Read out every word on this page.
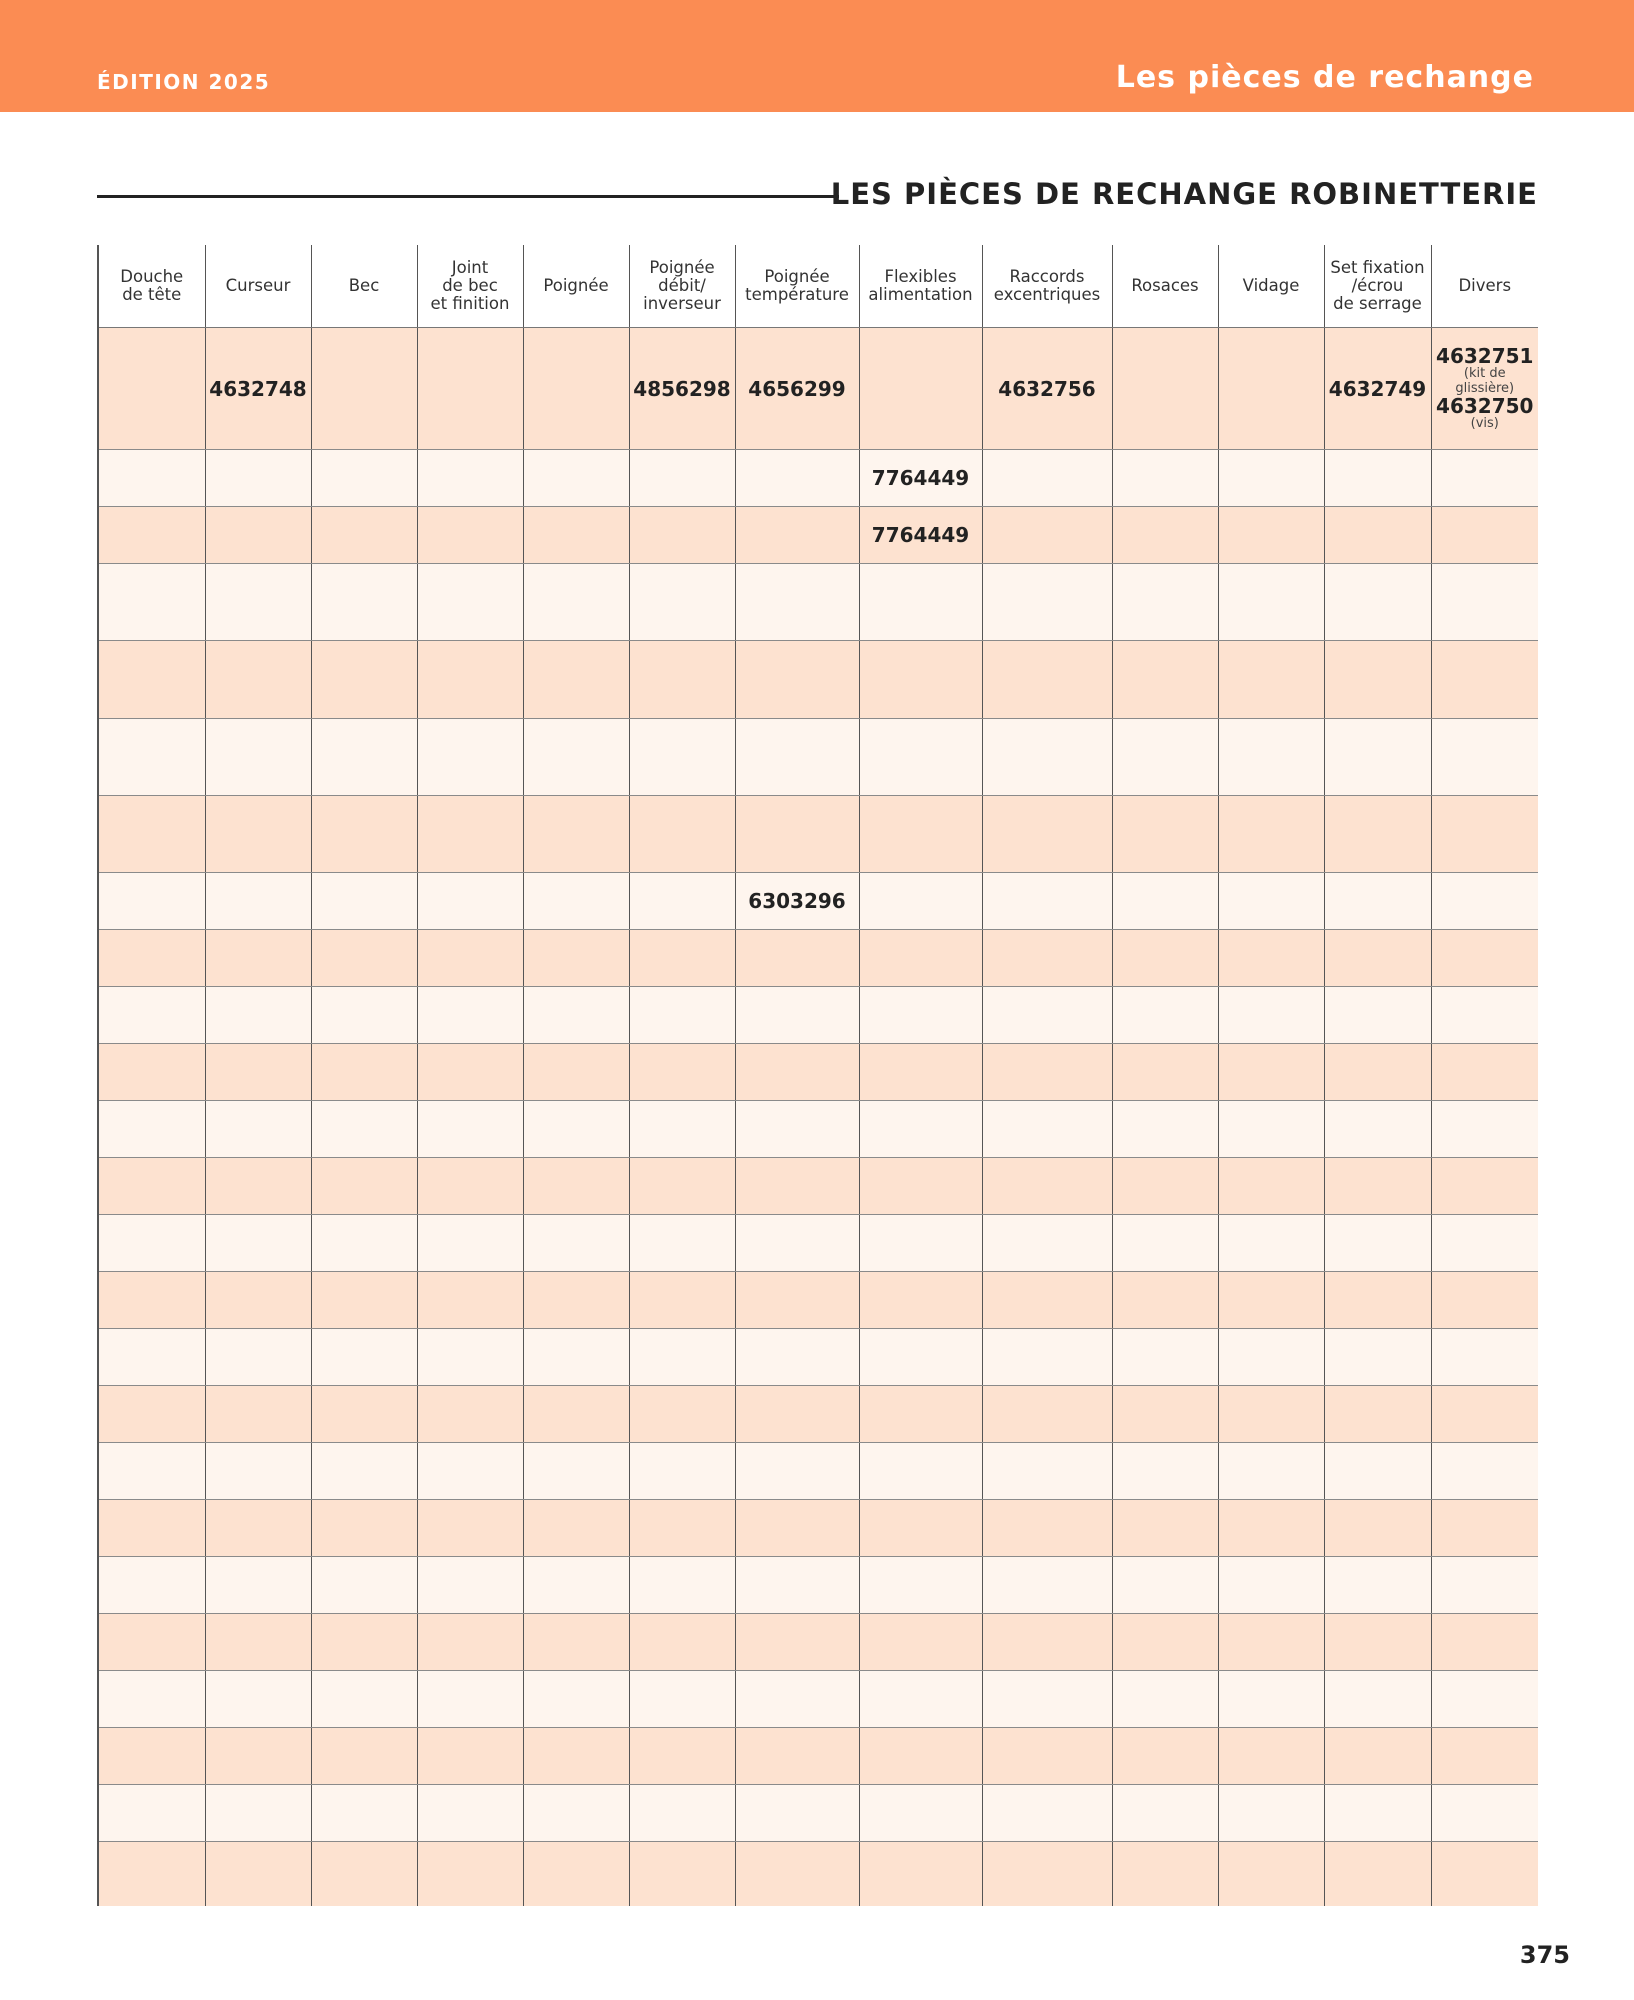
ÉDITION 2025	Les pièces de rechange
LES PIÈCES DE RECHANGE ROBINETTERIE
Douche
de tête	Curseur	Bec	Joint
de bec
et finition	Poignée	Poignée
débit/
inverseur	Poignée
température	Flexibles
alimentation	Raccords
excentriques	Rosaces	Vidage	Set fixation
/écrou
de serrage	Divers
	4632748				4856298	4656299		4632756			4632749	4632751
(kit de
glissière)
4632750
(vis)

							7764449					
							7764449					

						6303296						

375
